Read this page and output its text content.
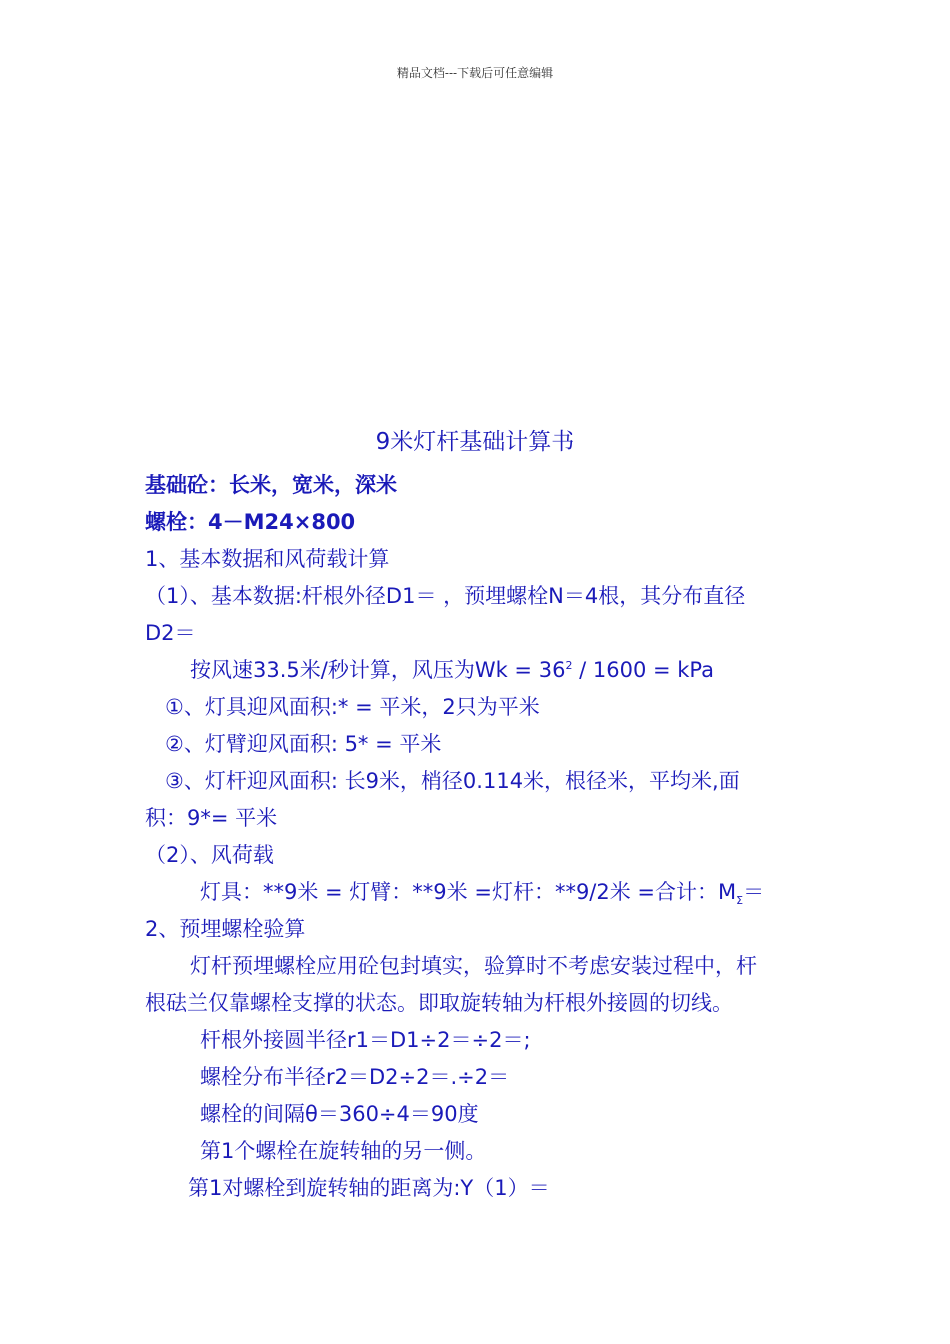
精品文档---下载后可任意编辑
9米灯杆基础计算书
基础砼：长米，宽米，深米
螺栓：4－M24×800
1、基本数据和风荷载计算
（1）、基本数据:杆根外径D1＝ ，预埋螺栓N＝4根，其分布直径
D2＝
按风速33.5米/秒计算，风压为$Wk = 36^2 / 1600$ = kPa
①、灯具迎风面积:* = 平米，2只为平米
②、灯臂迎风面积: 5* = 平米
③、灯杆迎风面积: 长9米，梢径0.114米，根径米，平均米,面
积：9*= 平米
（2）、风荷载
灯具：**9米 = 灯臂：**9米 =灯杆：**9/2米 =合计：$M_\Sigma=$
2、预埋螺栓验算
灯杆预埋螺栓应用砼包封填实，验算时不考虑安装过程中，杆
根砝兰仅靠螺栓支撑的状态。即取旋转轴为杆根外接圆的切线。
杆根外接圆半径r1＝D1÷2＝÷2＝;
螺栓分布半径r2＝D2÷2＝.÷2＝
螺栓的间隔θ＝360÷4＝90度
第1个螺栓在旋转轴的另一侧。
第1对螺栓到旋转轴的距离为:Y（1）＝
